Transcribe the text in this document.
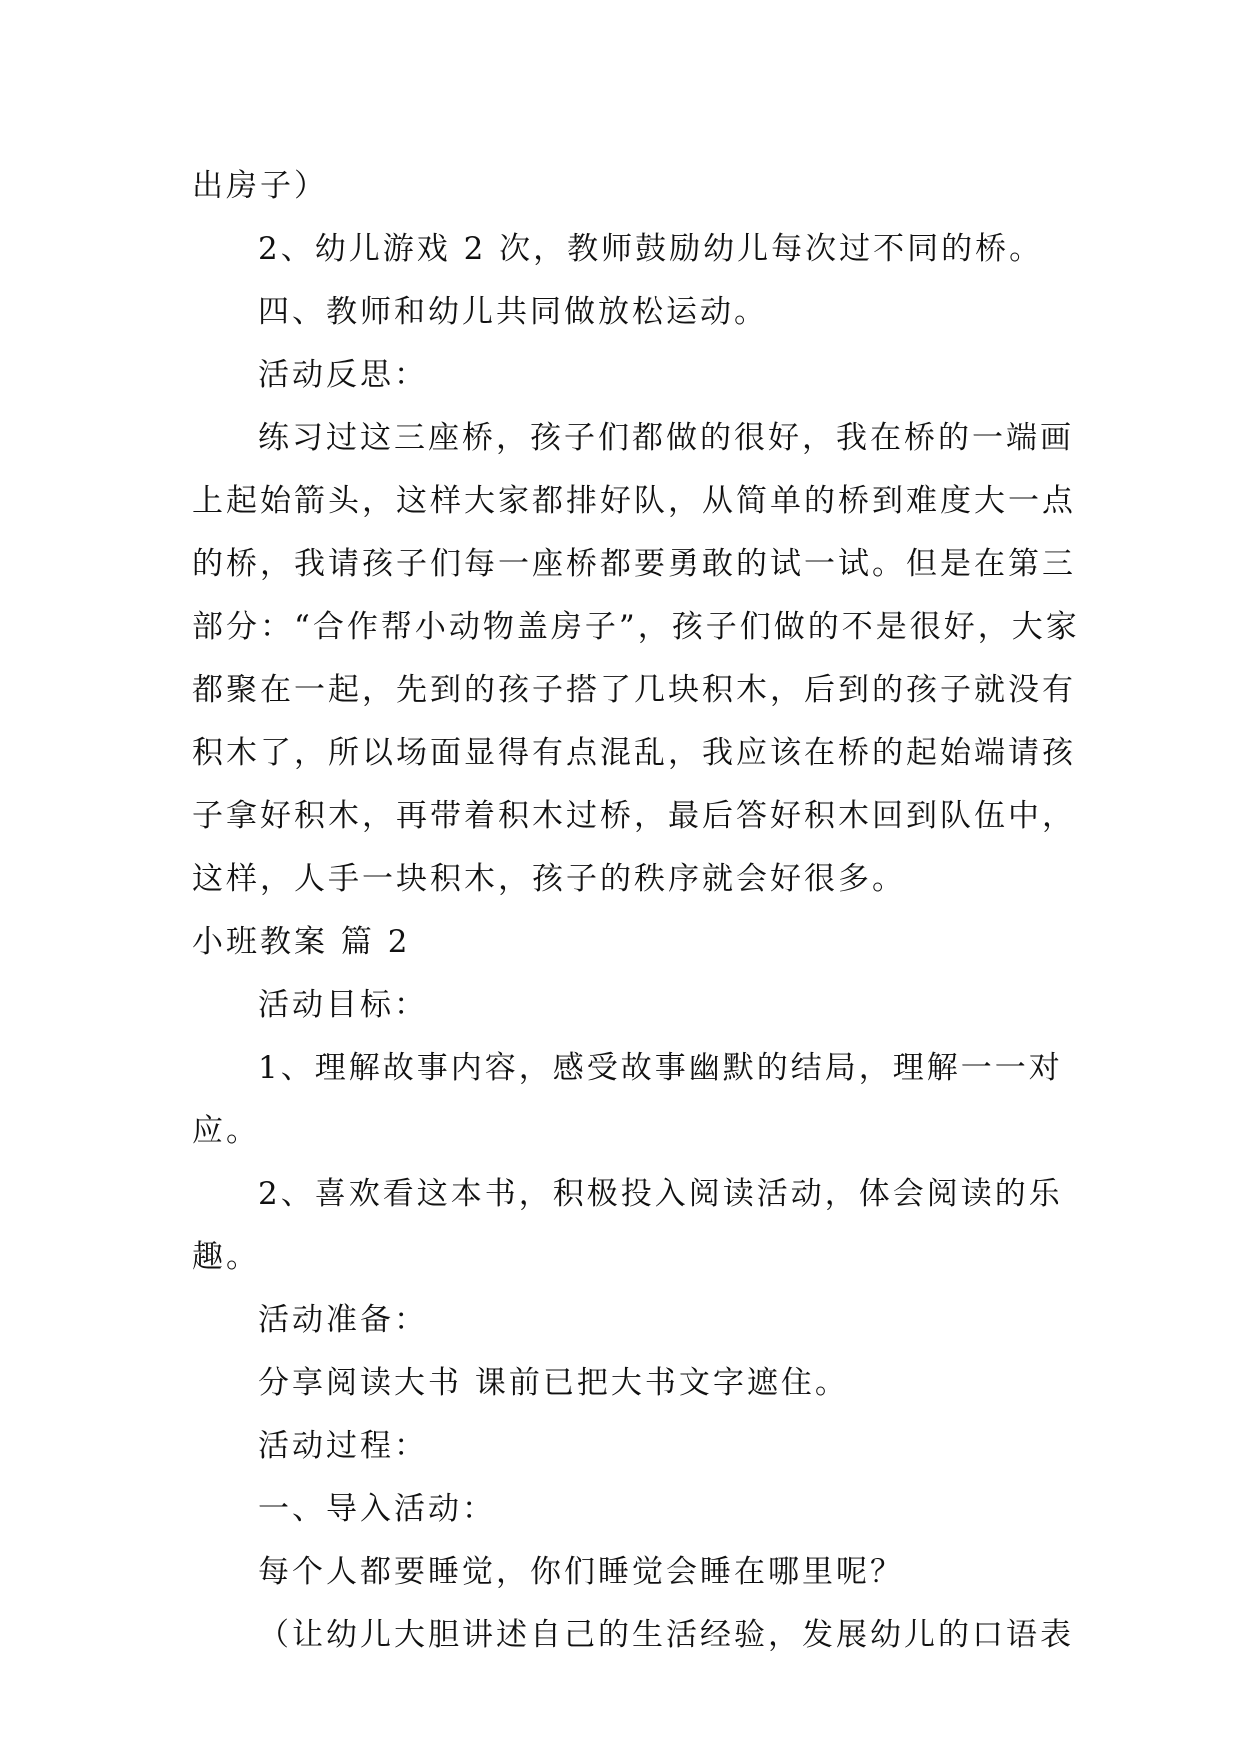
出房子）
2、幼儿游戏 2 次，教师鼓励幼儿每次过不同的桥。
四、教师和幼儿共同做放松运动。
活动反思：
练习过这三座桥，孩子们都做的很好，我在桥的一端画
上起始箭头，这样大家都排好队，从简单的桥到难度大一点
的桥，我请孩子们每一座桥都要勇敢的试一试。但是在第三
部分：“合作帮小动物盖房子”，孩子们做的不是很好，大家
都聚在一起，先到的孩子搭了几块积木，后到的孩子就没有
积木了，所以场面显得有点混乱，我应该在桥的起始端请孩
子拿好积木，再带着积木过桥，最后答好积木回到队伍中，
这样，人手一块积木，孩子的秩序就会好很多。
小班教案 篇 2
活动目标：
1、理解故事内容，感受故事幽默的结局，理解一一对
应。
2、喜欢看这本书，积极投入阅读活动，体会阅读的乐
趣。
活动准备：
分享阅读大书 课前已把大书文字遮住。
活动过程：
一、导入活动：
每个人都要睡觉，你们睡觉会睡在哪里呢？
（让幼儿大胆讲述自己的生活经验，发展幼儿的口语表
